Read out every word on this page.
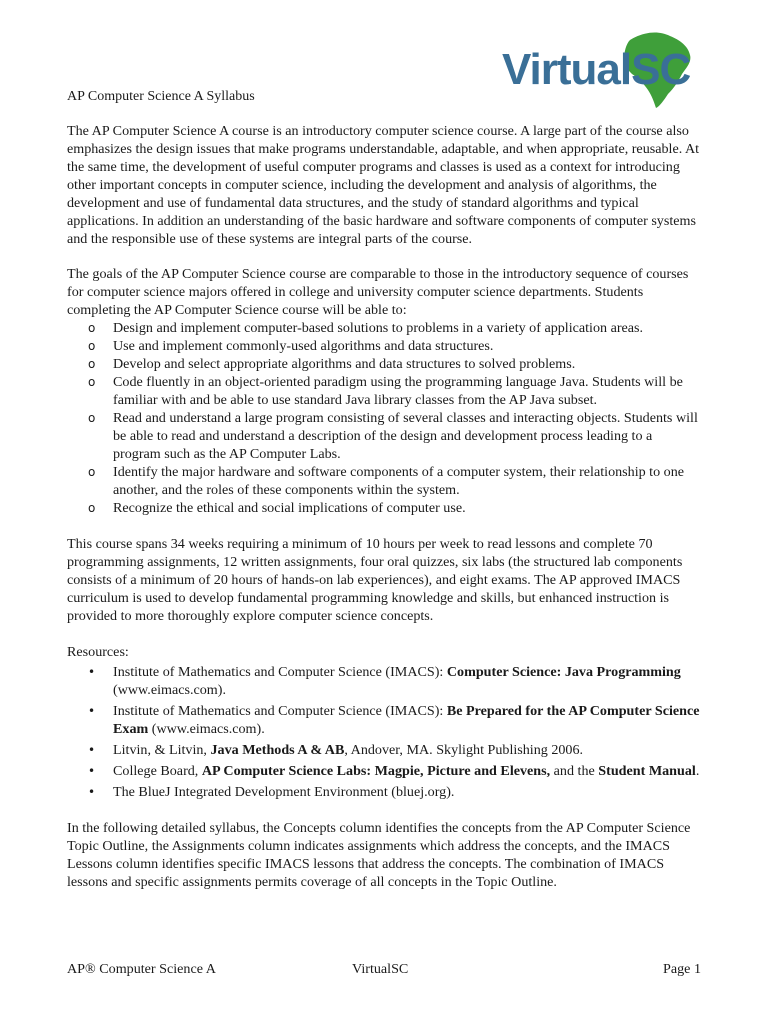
VirtualSC
AP Computer Science A Syllabus

The AP Computer Science A course is an introductory computer science course. A large part of the course also emphasizes the design issues that make programs understandable, adaptable, and when appropriate, reusable. At the same time, the development of useful computer programs and classes is used as a context for introducing other important concepts in computer science, including the development and analysis of algorithms, the development and use of fundamental data structures, and the study of standard algorithms and typical applications. In addition an understanding of the basic hardware and software components of computer systems and the responsible use of these systems are integral parts of the course.

The goals of the AP Computer Science course are comparable to those in the introductory sequence of courses for computer science majors offered in college and university computer science departments. Students completing the AP Computer Science course will be able to:

o Design and implement computer-based solutions to problems in a variety of application areas.
o Use and implement commonly-used algorithms and data structures.
o Develop and select appropriate algorithms and data structures to solved problems.
o Code fluently in an object-oriented paradigm using the programming language Java. Students will be familiar with and be able to use standard Java library classes from the AP Java subset.
o Read and understand a large program consisting of several classes and interacting objects. Students will be able to read and understand a description of the design and development process leading to a program such as the AP Computer Labs.
o Identify the major hardware and software components of a computer system, their relationship to one another, and the roles of these components within the system.
o Recognize the ethical and social implications of computer use.

This course spans 34 weeks requiring a minimum of 10 hours per week to read lessons and complete 70 programming assignments, 12 written assignments, four oral quizzes, six labs (the structured lab components consists of a minimum of 20 hours of hands-on lab experiences), and eight exams. The AP approved IMACS curriculum is used to develop fundamental programming knowledge and skills, but enhanced instruction is provided to more thoroughly explore computer science concepts.

Resources:

• Institute of Mathematics and Computer Science (IMACS): Computer Science: Java Programming (www.eimacs.com).
• Institute of Mathematics and Computer Science (IMACS): Be Prepared for the AP Computer Science Exam (www.eimacs.com).
• Litvin, & Litvin, Java Methods A & AB, Andover, MA. Skylight Publishing 2006.
• College Board, AP Computer Science Labs: Magpie, Picture and Elevens, and the Student Manual.
• The BlueJ Integrated Development Environment (bluej.org).

In the following detailed syllabus, the Concepts column identifies the concepts from the AP Computer Science Topic Outline, the Assignments column indicates assignments which address the concepts, and the IMACS Lessons column identifies specific IMACS lessons that address the concepts. The combination of IMACS lessons and specific assignments permits coverage of all concepts in the Topic Outline.

AP® Computer Science A	VirtualSC	Page 1
